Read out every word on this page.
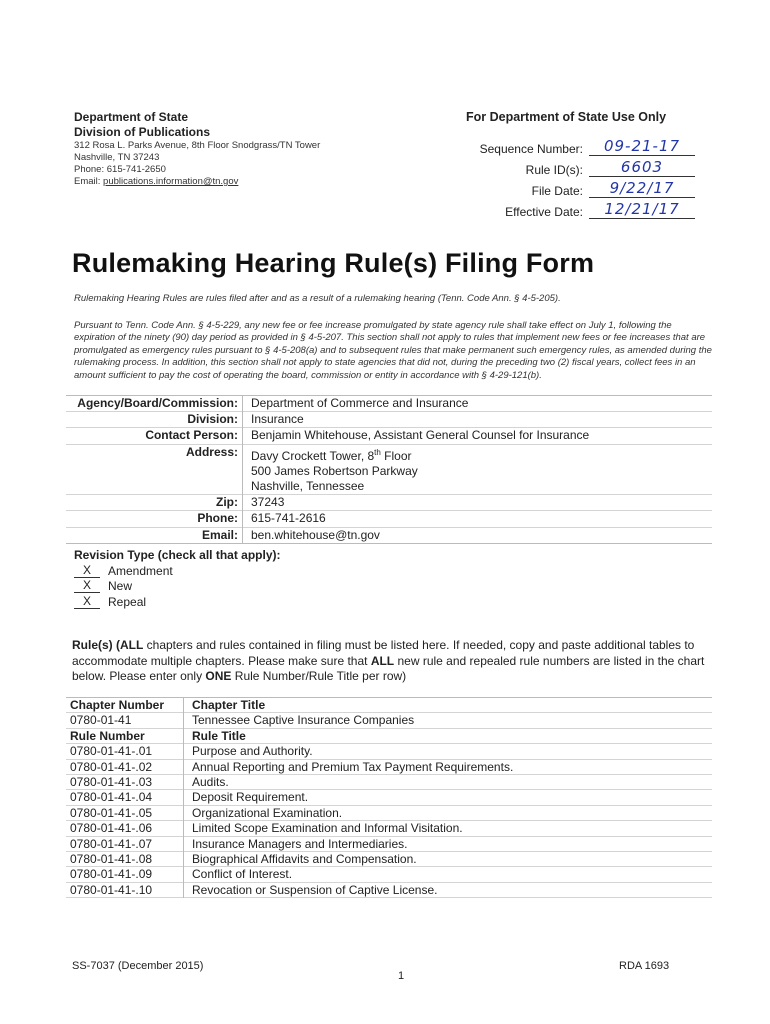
Department of State
Division of Publications
312 Rosa L. Parks Avenue, 8th Floor Snodgrass/TN Tower
Nashville, TN 37243
Phone: 615-741-2650
Email: publications.information@tn.gov
For Department of State Use Only
Sequence Number:	09-21-17
Rule ID(s):	6603
File Date:	9/22/17
Effective Date:	12/21/17
Rulemaking Hearing Rule(s) Filing Form
Rulemaking Hearing Rules are rules filed after and as a result of a rulemaking hearing (Tenn. Code Ann. § 4-5-205).
Pursuant to Tenn. Code Ann. § 4-5-229, any new fee or fee increase promulgated by state agency rule shall take effect on July 1, following the expiration of the ninety (90) day period as provided in § 4-5-207. This section shall not apply to rules that implement new fees or fee increases that are promulgated as emergency rules pursuant to § 4-5-208(a) and to subsequent rules that make permanent such emergency rules, as amended during the rulemaking process. In addition, this section shall not apply to state agencies that did not, during the preceding two (2) fiscal years, collect fees in an amount sufficient to pay the cost of operating the board, commission or entity in accordance with § 4-29-121(b).
Agency/Board/Commission:	Department of Commerce and Insurance
Division:	Insurance
Contact Person:	Benjamin Whitehouse, Assistant General Counsel for Insurance
Address:	Davy Crockett Tower, 8th Floor
500 James Robertson Parkway
Nashville, Tennessee

Zip:	37243
Phone:	615-741-2616
Email:	ben.whitehouse@tn.gov
Revision Type (check all that apply):
X	Amendment
X	New
X	Repeal
Rule(s) (ALL chapters and rules contained in filing must be listed here. If needed, copy and paste additional tables to accommodate multiple chapters. Please make sure that ALL new rule and repealed rule numbers are listed in the chart below. Please enter only ONE Rule Number/Rule Title per row)
Chapter Number	Chapter Title
0780-01-41	Tennessee Captive Insurance Companies
Rule Number	Rule Title
0780-01-41-.01	Purpose and Authority.
0780-01-41-.02	Annual Reporting and Premium Tax Payment Requirements.
0780-01-41-.03	Audits.
0780-01-41-.04	Deposit Requirement.
0780-01-41-.05	Organizational Examination.
0780-01-41-.06	Limited Scope Examination and Informal Visitation.
0780-01-41-.07	Insurance Managers and Intermediaries.
0780-01-41-.08	Biographical Affidavits and Compensation.
0780-01-41-.09	Conflict of Interest.
0780-01-41-.10	Revocation or Suspension of Captive License.
SS-7037 (December 2015)
1
RDA 1693
